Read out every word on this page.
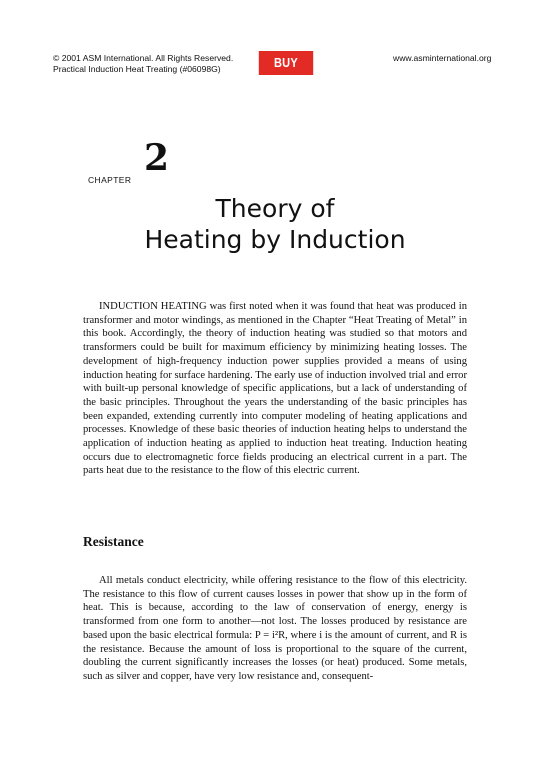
© 2001 ASM International. All Rights Reserved.
Practical Induction Heat Treating (#06098G)	BUY NOW
www.asminternational.org
CHAPTER
2
Theory of
Heating by Induction

INDUCTION HEATING was first noted when it was found that heat was produced in transformer and motor windings, as mentioned in the Chapter “Heat Treating of Metal” in this book. Accordingly, the theory of induction heating was studied so that motors and transformers could be built for maximum efficiency by minimizing heating losses. The development of high-frequency induction power supplies provided a means of using induction heating for surface hardening. The early use of induction involved trial and error with built-up personal knowledge of specific applications, but a lack of understanding of the basic principles. Throughout the years the understanding of the basic principles has been expanded, extending currently into computer modeling of heating applications and processes. Knowledge of these basic theories of induction heating helps to understand the application of induction heating as applied to induction heat treating. Induction heating occurs due to electromagnetic force fields producing an electrical current in a part. The parts heat due to the resistance to the flow of this electric current.

Resistance

All metals conduct electricity, while offering resistance to the flow of this electricity. The resistance to this flow of current causes losses in power that show up in the form of heat. This is because, according to the law of conservation of energy, energy is transformed from one form to another—not lost. The losses produced by resistance are based upon the basic electrical formula: P = i²R, where i is the amount of current, and R is the resistance. Because the amount of loss is proportional to the square of the current, doubling the current significantly increases the losses (or heat) produced. Some metals, such as silver and copper, have very low resistance and, consequent-
